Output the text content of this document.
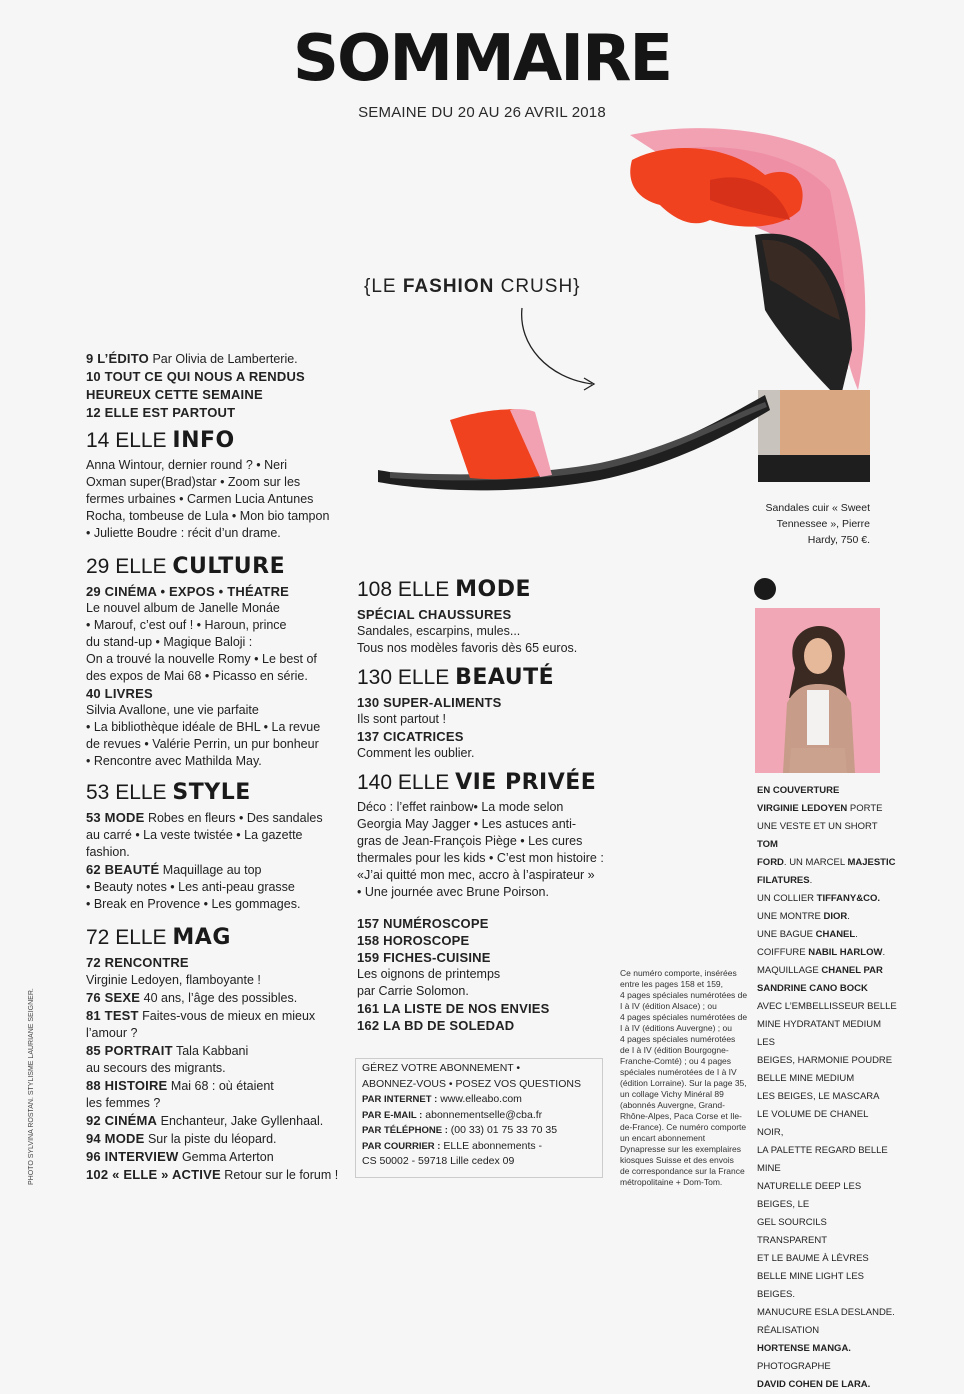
SOMMAIRE
SEMAINE DU 20 AU 26 AVRIL 2018
{LE FASHION CRUSH}
Sandales cuir « Sweet
Tennessee », Pierre Hardy, 750 €.
9 L’ÉDITO Par Olivia de Lamberterie.
10 TOUT CE QUI NOUS A RENDUS
HEUREUX CETTE SEMAINE
12 ELLE EST PARTOUT
14 ELLE INFO
Anna Wintour, dernier round ? • Neri
Oxman super(Brad)star • Zoom sur les
fermes urbaines • Carmen Lucia Antunes
Rocha, tombeuse de Lula • Mon bio tampon
• Juliette Boudre : récit d’un drame.
29 ELLE CULTURE
29 CINÉMA • EXPOS • THÉATRE
Le nouvel album de Janelle Monáe
• Marouf, c’est ouf ! • Haroun, prince
du stand-up • Magique Baloji :
On a trouvé la nouvelle Romy • Le best of
des expos de Mai 68 • Picasso en série.
40 LIVRES
Silvia Avallone, une vie parfaite
• La bibliothèque idéale de BHL • La revue
de revues • Valérie Perrin, un pur bonheur
• Rencontre avec Mathilda May.
53 ELLE STYLE
53 MODE Robes en fleurs • Des sandales
au carré • La veste twistée • La gazette
fashion.
62 BEAUTÉ Maquillage au top
• Beauty notes • Les anti-peau grasse
• Break en Provence • Les gommages.
72 ELLE MAG
72 RENCONTRE
Virginie Ledoyen, flamboyante !
76 SEXE 40 ans, l’âge des possibles.
81 TEST Faites-vous de mieux en mieux
l’amour ?
85 PORTRAIT Tala Kabbani
au secours des migrants.
88 HISTOIRE Mai 68 : où étaient
les femmes ?
92 CINÉMA Enchanteur, Jake Gyllenhaal.
94 MODE Sur la piste du léopard.
96 INTERVIEW Gemma Arterton
102 « ELLE » ACTIVE Retour sur le forum !
108 ELLE MODE
SPÉCIAL CHAUSSURES
Sandales, escarpins, mules...
Tous nos modèles favoris dès 65 euros.
130 ELLE BEAUTÉ
130 SUPER-ALIMENTS
Ils sont partout !
137 CICATRICES
Comment les oublier.
140 ELLE VIE PRIVÉE
Déco : l’effet rainbow• La mode selon
Georgia May Jagger • Les astuces anti-
gras de Jean-François Piège • Les cures
thermales pour les kids • C’est mon histoire :
«J’ai quitté mon mec, accro à l’aspirateur »
• Une journée avec Brune Poirson.
157 NUMÉROSCOPE
158 HOROSCOPE
159 FICHES-CUISINE
Les oignons de printemps
par Carrie Solomon.
161 LA LISTE DE NOS ENVIES
162 LA BD DE SOLEDAD
GÉREZ VOTRE ABONNEMENT •
ABONNEZ-VOUS • POSEZ VOS QUESTIONS
PAR INTERNET : www.elleabo.com
PAR E-MAIL : abonnementselle@cba.fr
PAR TÉLÉPHONE : (00 33) 01 75 33 70 35
PAR COURRIER : ELLE abonnements -
CS 50002 - 59718 Lille cedex 09
Ce numéro comporte, insérées
entre les pages 158 et 159,
4 pages spéciales numérotées de
I à IV (édition Alsace) ; ou
4 pages spéciales numérotées de
I à IV (éditions Auvergne) ; ou
4 pages spéciales numérotées
de I à IV (édition Bourgogne-
Franche-Comté) ; ou 4 pages
spéciales numérotées de I à IV
(édition Lorraine). Sur la page 35,
un collage Vichy Minéral 89
(abonnés Auvergne, Grand-
Rhône-Alpes, Paca Corse et Ile-
de-France). Ce numéro comporte
un encart abonnement
Dynapresse sur les exemplaires
kiosques Suisse et des envois
de correspondance sur la France
métropolitaine + Dom-Tom.
EN COUVERTURE
VIRGINIE LEDOYEN PORTE
UNE VESTE ET UN SHORT TOM
FORD. UN MARCEL MAJESTIC
FILATURES.
UN COLLIER TIFFANY&CO.
UNE MONTRE DIOR.
UNE BAGUE CHANEL.
COIFFURE NABIL HARLOW.
MAQUILLAGE CHANEL PAR
SANDRINE CANO BOCK
AVEC L’EMBELLISSEUR BELLE
MINE HYDRATANT MEDIUM LES
BEIGES, HARMONIE POUDRE
BELLE MINE MEDIUM
LES BEIGES, LE MASCARA
LE VOLUME DE CHANEL NOIR,
LA PALETTE REGARD BELLE MINE
NATURELLE DEEP LES BEIGES, LE
GEL SOURCILS TRANSPARENT
ET LE BAUME À LÈVRES
BELLE MINE LIGHT LES BEIGES.
MANUCURE ESLA DESLANDE.
RÉALISATION
HORTENSE MANGA.
PHOTOGRAPHE
DAVID COHEN DE LARA.
PHOTO SYLVINA ROSTAN. STYLISME LAURIANE SEIGNER.
